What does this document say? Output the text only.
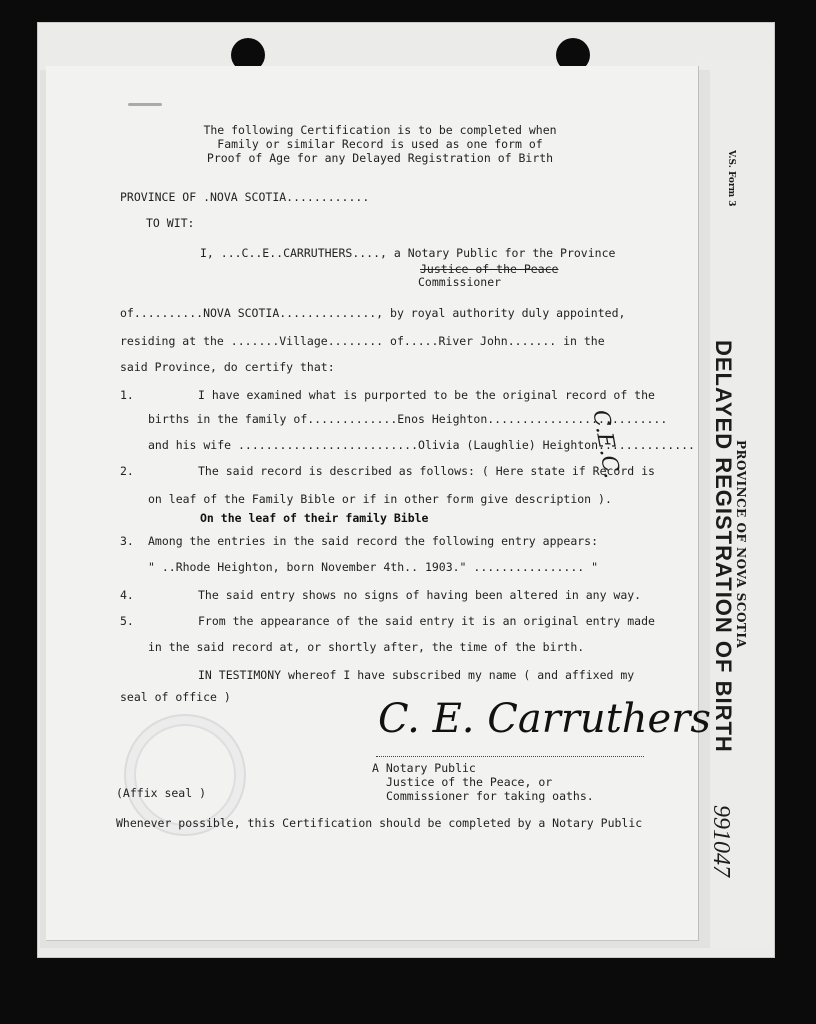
V.S. Form 3
PROVINCE OF NOVA SCOTIA
DELAYED REGISTRATION OF BIRTH
991047
The following Certification is to be completed when
Family or similar Record is used as one form of
Proof of Age for any Delayed Registration of Birth
PROVINCE OF .NOVA SCOTIA............
TO WIT:
I, ...C..E..CARRUTHERS...., a Notary Public for the Province
Justice of the Peace
Commissioner
of..........NOVA SCOTIA.............., by royal authority duly appointed,
residing at the .......Village........ of.....River John....... in the
said Province, do certify that:
1.	I have examined what is purported to be the original record of the
births in the family of.............Enos Heighton..........................
and his wife ..........................Olivia (Laughlie) Heighton..............
C.E.C.
2.	The said record is described as follows: ( Here state if Record is
on leaf of the Family Bible or if in other form give description ).
On the leaf of their family Bible
3. Among the entries in the said record the following entry appears:
" ..Rhode Heighton, born November 4th.. 1903." ................ "
4.	The said entry shows no signs of having been altered in any way.
5.	From the appearance of the said entry it is an original entry made
in the said record at, or shortly after, the time of the birth.
IN TESTIMONY whereof I have subscribed my name ( and affixed my
seal of office )	C. E. Carruthers
A Notary Public
Justice of the Peace, or
Commissioner for taking oaths.
(Affix seal )
Whenever possible, this Certification should be completed by a Notary Public
